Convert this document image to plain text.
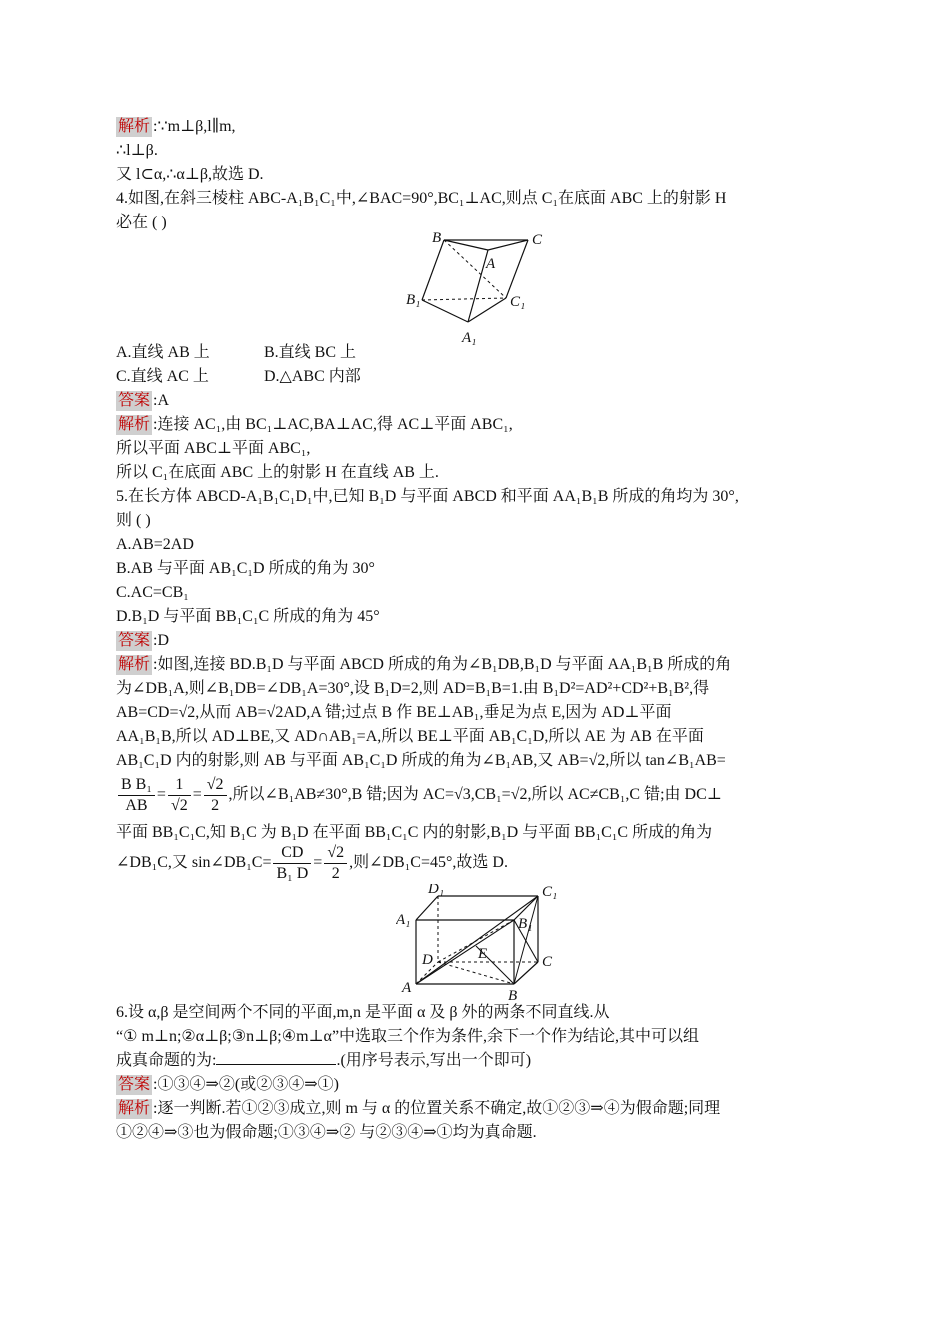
解析 :∵m⊥β,l∥m,
∴l⊥β.
又 l⊂α,∴α⊥β,故选 D.
4.如图,在斜三棱柱 ABC-A₁B₁C₁中,∠BAC=90°,BC₁⊥AC,则点 C₁在底面 ABC 上的射影 H
必在 ( )
B
A
C
B₁	C₁
A₁
A.直线 AB 上	B.直线 BC 上
C.直线 AC 上	D.△ABC 内部
答案 :A
解析 :连接 AC₁,由 BC₁⊥AC,BA⊥AC,得 AC⊥平面 ABC₁,
所以平面 ABC⊥平面 ABC₁,
所以 C₁在底面 ABC 上的射影 H 在直线 AB 上.
5.在长方体 ABCD-A₁B₁C₁D₁中,已知 B₁D 与平面 ABCD 和平面 AA₁B₁B 所成的角均为 30°,
则 ( )
A.AB=2AD
B.AB 与平面 AB₁C₁D 所成的角为 30°
C.AC=CB₁
D.B₁D 与平面 BB₁C₁C 所成的角为 45°
答案 :D
解析 :如图,连接 BD.B₁D 与平面 ABCD 所成的角为∠B₁DB,B₁D 与平面 AA₁B₁B 所成的角
为∠DB₁A,则∠B₁DB=∠DB₁A=30°,设 B₁D=2,则 AD=B₁B=1.由 B₁D²=AD²+CD²+B₁B²,得
AB=CD=√2,从而 AB=√2AD,A 错;过点 B 作 BE⊥AB₁,垂足为点 E,因为 AD⊥平面
AA₁B₁B,所以 AD⊥BE,又 AD∩AB₁=A,所以 BE⊥平面 AB₁C₁D,所以 AE 为 AB 在平面
AB₁C₁D 内的射影,则 AB 与平面 AB₁C₁D 所成的角为∠B₁AB,又 AB=√2,所以 tan∠B₁AB=
$\frac{\text{B B₁}}{AB} = \frac{1}{√2} = \frac{√2}{2}$ ,所以∠B₁AB≠30°,B 错;因为 AC=√3,CB₁=√2,所以 AC≠CB₁,C 错;由 DC⊥
平面 BB₁C₁C,知 B₁C 为 B₁D 在平面 BB₁C₁C 内的射影,B₁D 与平面 BB₁C₁C 所成的角为
∠DB₁C,又 sin∠DB₁C= $\frac{CD}{\text{B₁ D}} = \frac{√2}{2}$ ,则∠DB₁C=45°,故选 D.
D₁	C₁
A₁	B₁
E
D	C
A	B
6.设 α,β 是空间两个不同的平面,m,n 是平面 α 及 β 外的两条不同直线.从
“① m⊥n;②α⊥β;③n⊥β;④m⊥α”中选取三个作为条件,余下一个作为结论,其中可以组
成真命题的为:	.(用序号表示,写出一个即可)
答案 :①③④⇒②(或②③④⇒①)
解析 :逐一判断.若①②③成立,则 m 与 α 的位置关系不确定,故①②③⇒④为假命题;同理
①②④⇒③也为假命题;①③④⇒② 与②③④⇒①均为真命题.
